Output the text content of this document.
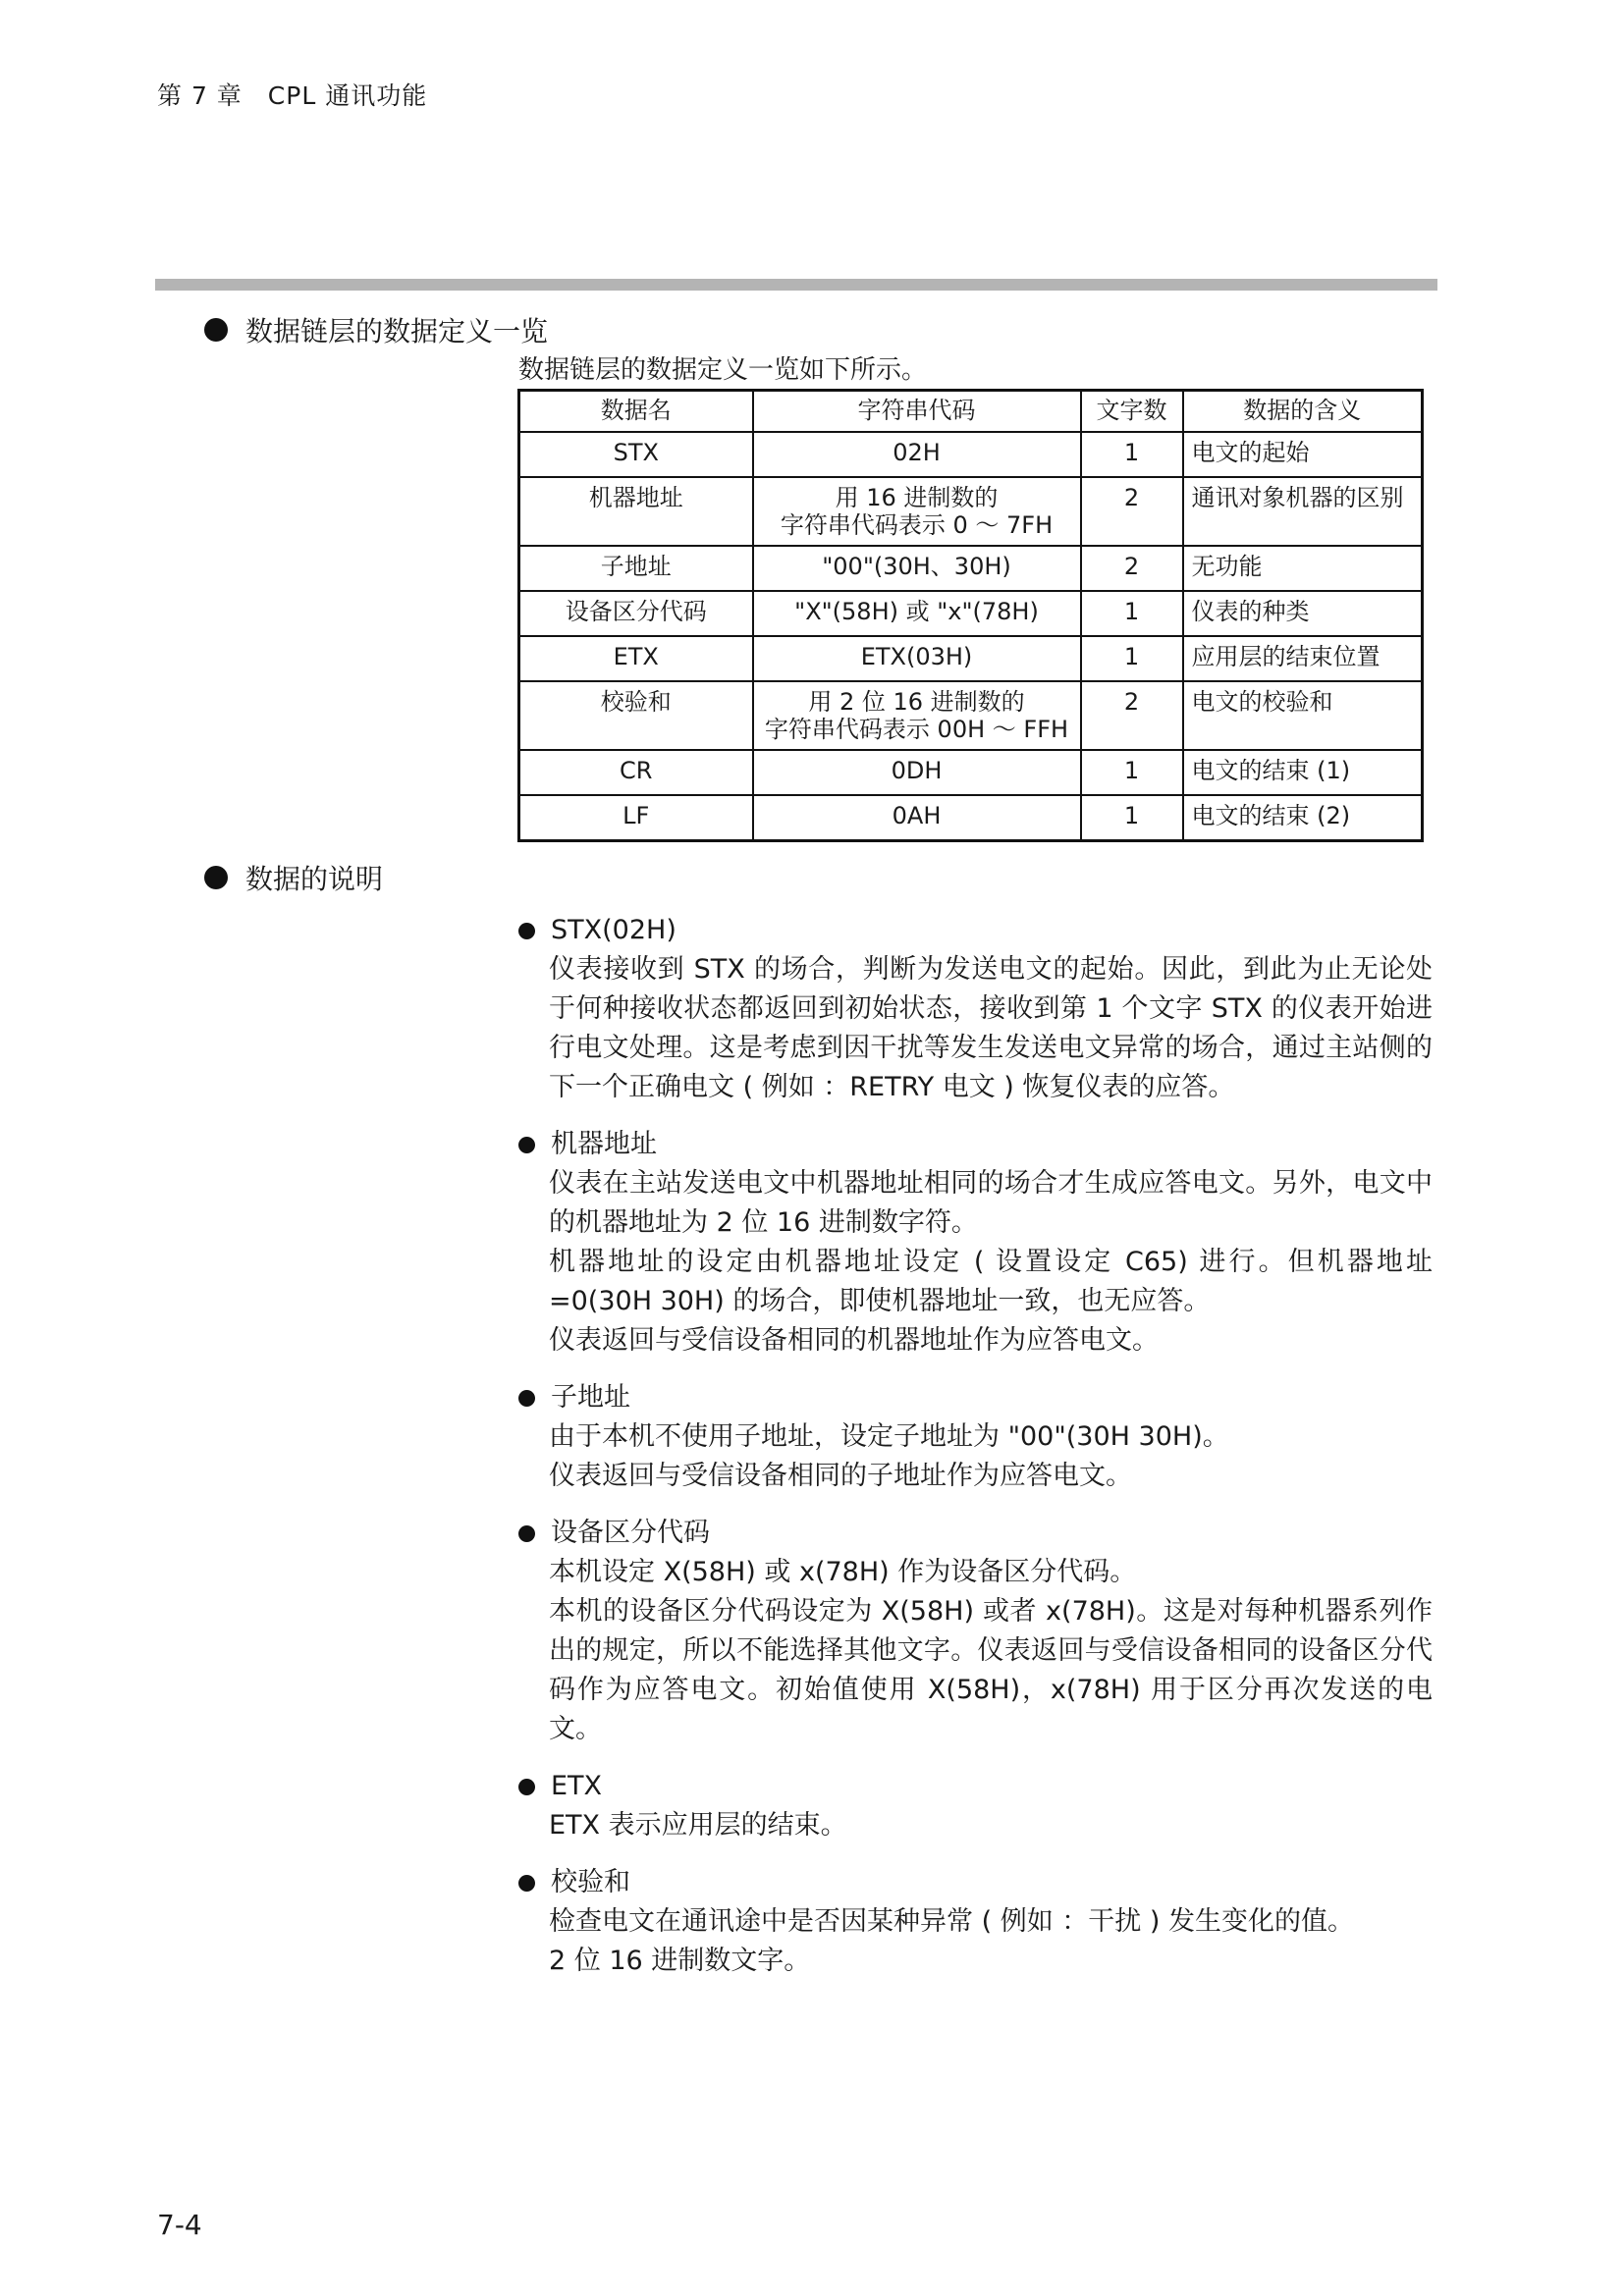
第 7 章　CPL 通讯功能
数据链层的数据定义一览
数据链层的数据定义一览如下所示。
数据名	字符串代码	文字数	数据的含义
STX	02H	1	电文的起始
机器地址	用 16 进制数的
字符串代码表示 0 ～ 7FH	2	通讯对象机器的区别
子地址	"00"(30H、30H)	2	无功能
设备区分代码	"X"(58H) 或 "x"(78H)	1	仪表的种类
ETX	ETX(03H)	1	应用层的结束位置
校验和	用 2 位 16 进制数的
字符串代码表示 00H ～ FFH	2	电文的校验和
CR	0DH	1	电文的结束 (1)
LF	0AH	1	电文的结束 (2)
数据的说明
STX(02H)

仪表接收到 STX 的场合，判断为发送电文的起始。因此，到此为止无论处于何种接收状态都返回到初始状态，接收到第 1 个文字 STX 的仪表开始进行电文处理。这是考虑到因干扰等发生发送电文异常的场合，通过主站侧的下一个正确电文 ( 例如 ：RETRY 电文 ) 恢复仪表的应答。

机器地址

仪表在主站发送电文中机器地址相同的场合才生成应答电文。另外，电文中的机器地址为 2 位 16 进制数字符。

机器地址的设定由机器地址设定 ( 设置设定 C65) 进行。但机器地址 =0(30H 30H) 的场合，即使机器地址一致，也无应答。

仪表返回与受信设备相同的机器地址作为应答电文。

子地址

由于本机不使用子地址，设定子地址为 "00"(30H 30H)。

仪表返回与受信设备相同的子地址作为应答电文。

设备区分代码

本机设定 X(58H) 或 x(78H) 作为设备区分代码。

本机的设备区分代码设定为 X(58H) 或者 x(78H)。这是对每种机器系列作出的规定，所以不能选择其他文字。仪表返回与受信设备相同的设备区分代码作为应答电文。初始值使用 X(58H)，x(78H) 用于区分再次发送的电文。

ETX

ETX 表示应用层的结束。

校验和

检查电文在通讯途中是否因某种异常 ( 例如 ：干扰 ) 发生变化的值。

2 位 16 进制数文字。

7-4
